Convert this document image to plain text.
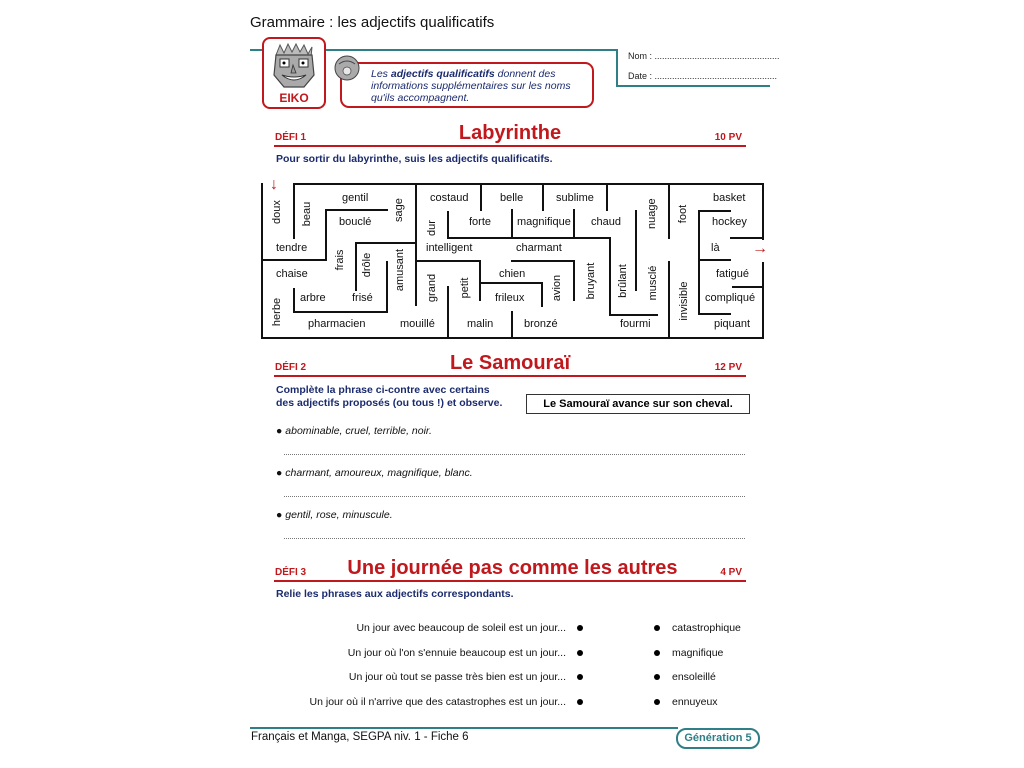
Grammaire : les adjectifs qualificatifs
EIKO
Les adjectifs qualificatifs donnent des informations supplémentaires sur les noms qu'ils accompagnent.
Nom : ..................................................
Date : .................................................
DÉFI 1	Labyrinthe	10 PV
Pour sortir du labyrinthe, suis les adjectifs qualificatifs.
↓
→
gentil
bouclé
tendre
chaise
arbre frisé
pharmacien	mouillé
costaud	belle	sublime
forte magnifique chaud
intelligent	charmant
chien
frileux
malin	bronzé	fourmi
basket
hockey
là
fatigué
compliqué
piquant
doux beau	sage
frais drôle amusant
herbe
dur
grand petit	avion bruyant brûlant
nuage
musclé
foot
invisible
DÉFI 2	Le Samouraï	12 PV
Complète la phrase ci-contre avec certains
des adjectifs proposés (ou tous !) et observe.	Le Samouraï avance sur son cheval.
● abominable, cruel, terrible, noir.
● charmant, amoureux, magnifique, blanc.
● gentil, rose, minuscule.
DÉFI 3	Une journée pas comme les autres	4 PV
Relie les phrases aux adjectifs correspondants.
Un jour avec beaucoup de soleil est un jour...
Un jour où l'on s'ennuie beaucoup est un jour...
Un jour où tout se passe très bien est un jour...
Un jour où il n'arrive que des catastrophes est un jour...
catastrophique
magnifique
ensoleillé
ennuyeux
Français et Manga, SEGPA niv. 1 - Fiche 6	Génération 5
